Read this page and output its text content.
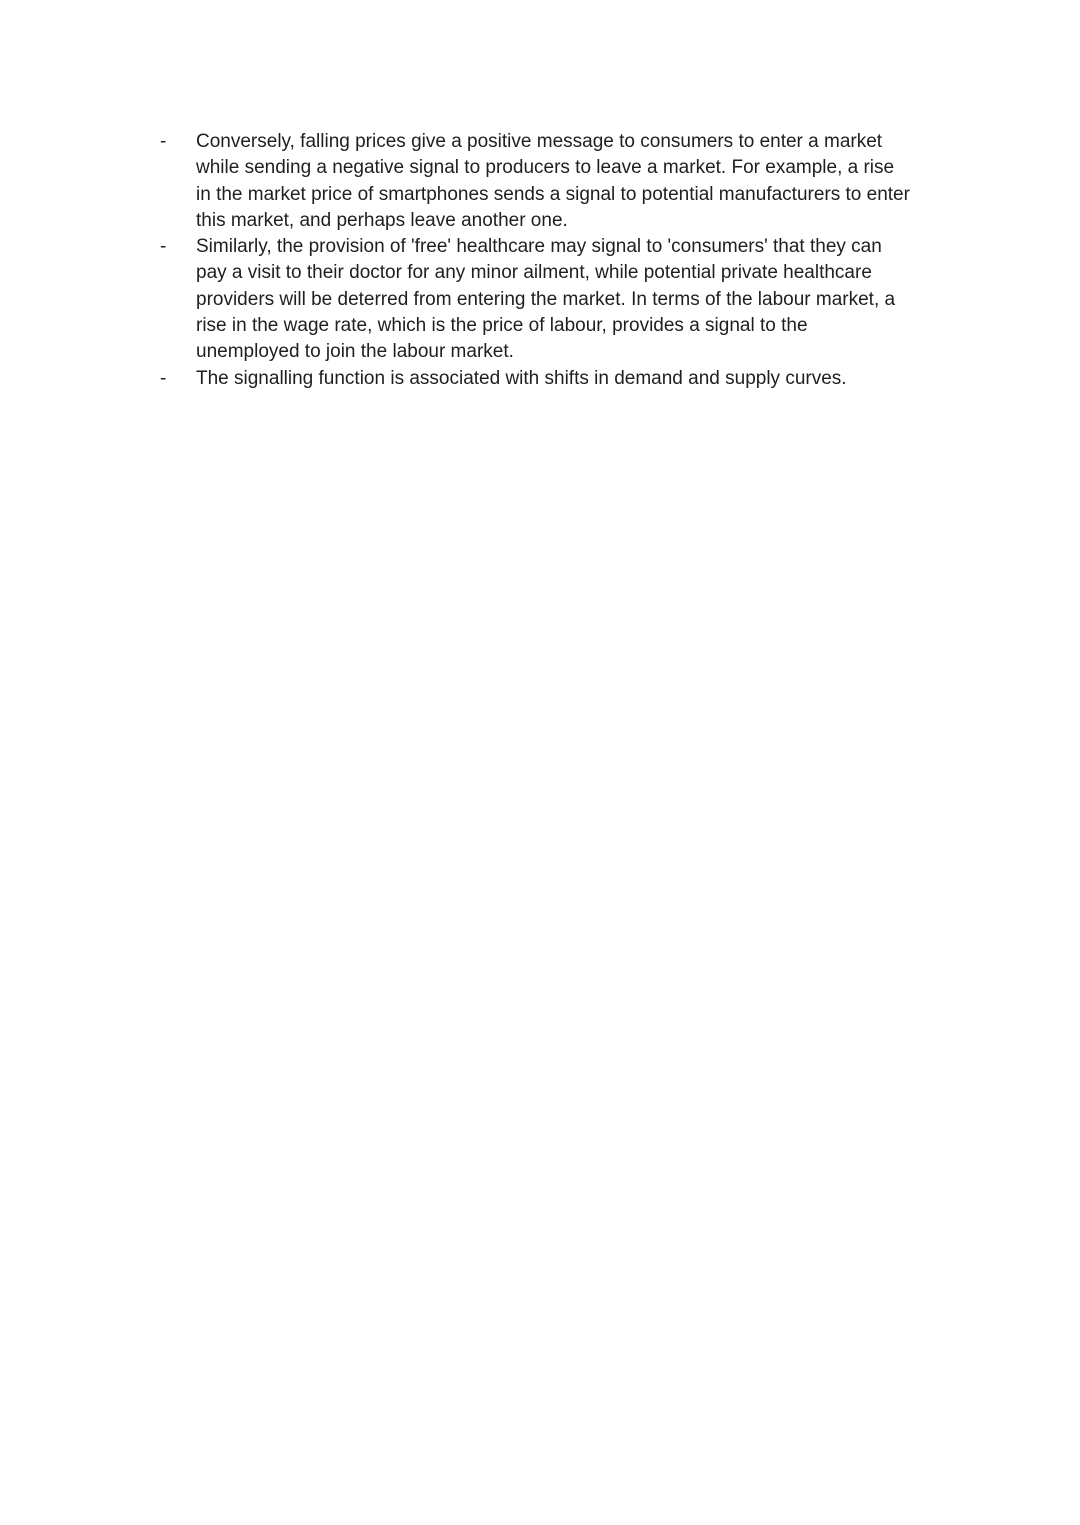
- Conversely, falling prices give a positive message to consumers to enter a market
while sending a negative signal to producers to leave a market. For example, a rise
in the market price of smartphones sends a signal to potential manufacturers to enter
this market, and perhaps leave another one.
- Similarly, the provision of 'free' healthcare may signal to 'consumers' that they can
pay a visit to their doctor for any minor ailment, while potential private healthcare
providers will be deterred from entering the market. In terms of the labour market, a
rise in the wage rate, which is the price of labour, provides a signal to the
unemployed to join the labour market.
- The signalling function is associated with shifts in demand and supply curves.
